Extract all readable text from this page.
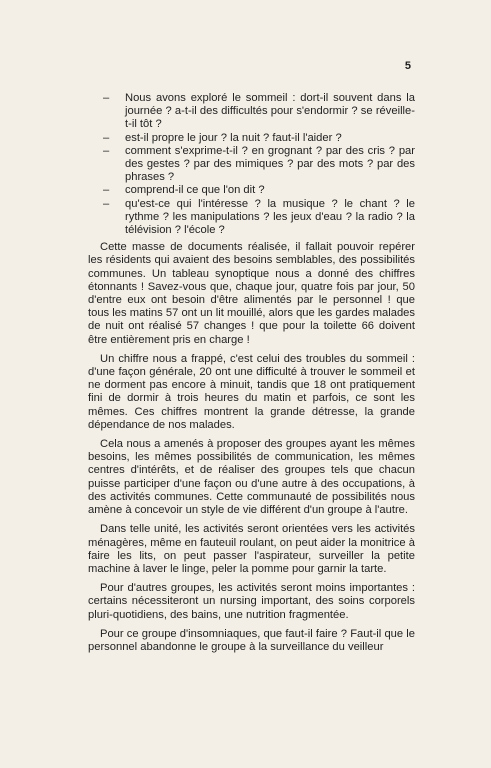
5
– Nous avons exploré le sommeil : dort-il souvent dans la journée ? a-t-il des difficultés pour s'endormir ? se réveille-t-il tôt ?
– est-il propre le jour ? la nuit ? faut-il l'aider ?
– comment s'exprime-t-il ? en grognant ? par des cris ? par des gestes ? par des mimiques ? par des mots ? par des phrases ?
– comprend-il ce que l'on dit ?
– qu'est-ce qui l'intéresse ? la musique ? le chant ? le rythme ? les manipulations ? les jeux d'eau ? la radio ? la télévision ? l'école ?

Cette masse de documents réalisée, il fallait pouvoir repérer les résidents qui avaient des besoins semblables, des possibilités communes. Un tableau synoptique nous a donné des chiffres étonnants ! Savez-vous que, chaque jour, quatre fois par jour, 50 d'entre eux ont besoin d'être alimentés par le personnel ! que tous les matins 57 ont un lit mouillé, alors que les gardes malades de nuit ont réalisé 57 changes ! que pour la toilette 66 doivent être entièrement pris en charge !

Un chiffre nous a frappé, c'est celui des troubles du sommeil : d'une façon générale, 20 ont une difficulté à trouver le sommeil et ne dorment pas encore à minuit, tandis que 18 ont pratiquement fini de dormir à trois heures du matin et parfois, ce sont les mêmes. Ces chiffres montrent la grande détresse, la grande dépendance de nos malades.

Cela nous a amenés à proposer des groupes ayant les mêmes besoins, les mêmes possibilités de communication, les mêmes centres d'intérêts, et de réaliser des groupes tels que chacun puisse participer d'une façon ou d'une autre à des occupations, à des activités communes. Cette communauté de possibilités nous amène à concevoir un style de vie différent d'un groupe à l'autre.

Dans telle unité, les activités seront orientées vers les activités ménagères, même en fauteuil roulant, on peut aider la monitrice à faire les lits, on peut passer l'aspirateur, surveiller la petite machine à laver le linge, peler la pomme pour garnir la tarte.

Pour d'autres groupes, les activités seront moins importantes : certains nécessiteront un nursing important, des soins corporels pluri-quotidiens, des bains, une nutrition fragmentée.

Pour ce groupe d'insomniaques, que faut-il faire ? Faut-il que le personnel abandonne le groupe à la surveillance du veilleur
